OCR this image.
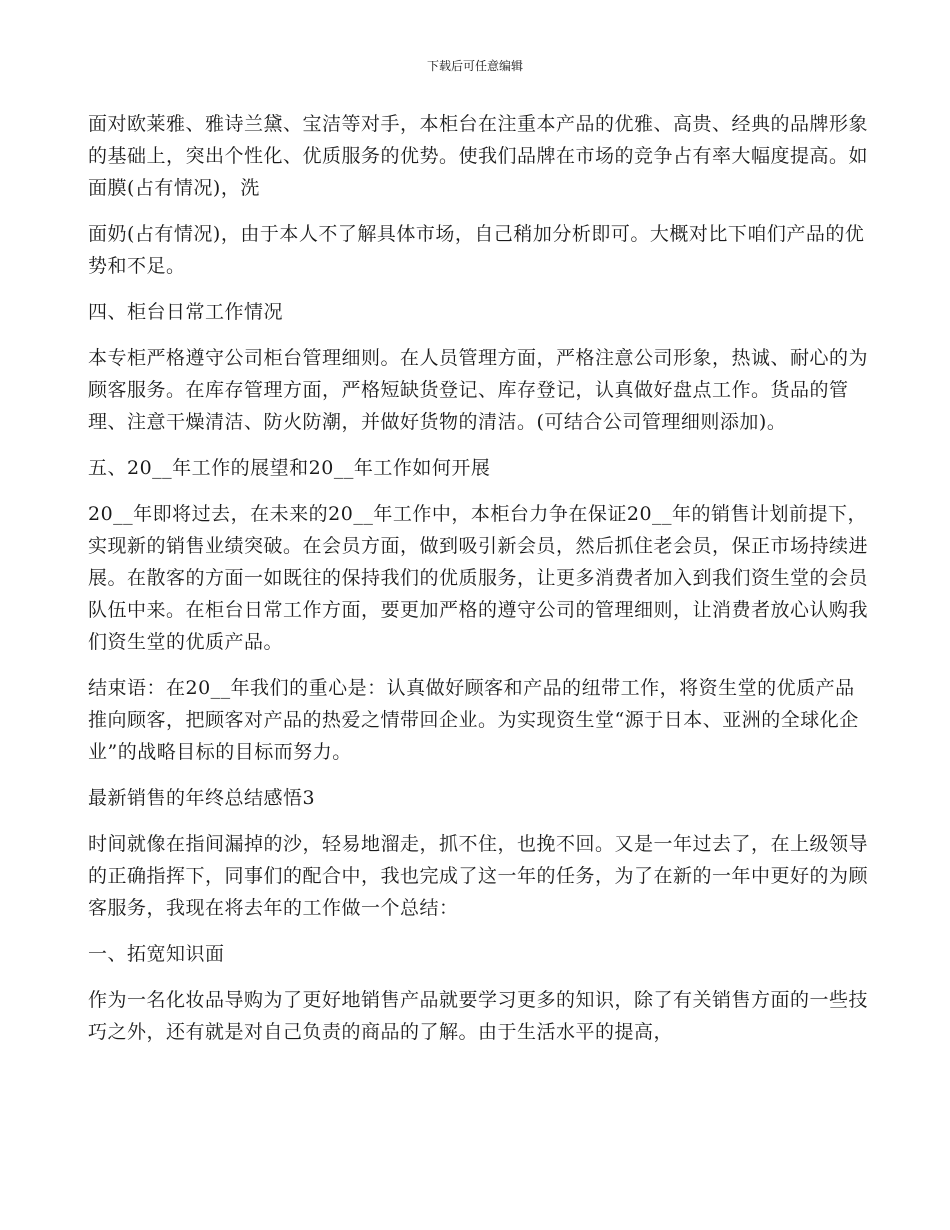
下载后可任意编辑

面对欧莱雅、雅诗兰黛、宝洁等对手，本柜台在注重本产品的优雅、高贵、经典的品牌形象的基础上，突出个性化、优质服务的优势。使我们品牌在市场的竞争占有率大幅度提高。如面膜(占有情况)，洗

面奶(占有情况)，由于本人不了解具体市场，自己稍加分析即可。大概对比下咱们产品的优势和不足。

四、柜台日常工作情况

本专柜严格遵守公司柜台管理细则。在人员管理方面，严格注意公司形象，热诚、耐心的为顾客服务。在库存管理方面，严格短缺货登记、库存登记，认真做好盘点工作。货品的管理、注意干燥清洁、防火防潮，并做好货物的清洁。(可结合公司管理细则添加)。

五、20__年工作的展望和20__年工作如何开展

20__年即将过去，在未来的20__年工作中，本柜台力争在保证20__年的销售计划前提下，实现新的销售业绩突破。在会员方面，做到吸引新会员，然后抓住老会员，保正市场持续进展。在散客的方面一如既往的保持我们的优质服务，让更多消费者加入到我们资生堂的会员队伍中来。在柜台日常工作方面，要更加严格的遵守公司的管理细则，让消费者放心认购我们资生堂的优质产品。

结束语：在20__年我们的重心是：认真做好顾客和产品的纽带工作，将资生堂的优质产品推向顾客，把顾客对产品的热爱之情带回企业。为实现资生堂“源于日本、亚洲的全球化企业”的战略目标的目标而努力。

最新销售的年终总结感悟3

时间就像在指间漏掉的沙，轻易地溜走，抓不住，也挽不回。又是一年过去了，在上级领导的正确指挥下，同事们的配合中，我也完成了这一年的任务，为了在新的一年中更好的为顾客服务，我现在将去年的工作做一个总结：

一、拓宽知识面

作为一名化妆品导购为了更好地销售产品就要学习更多的知识，除了有关销售方面的一些技巧之外，还有就是对自己负责的商品的了解。由于生活水平的提高，
